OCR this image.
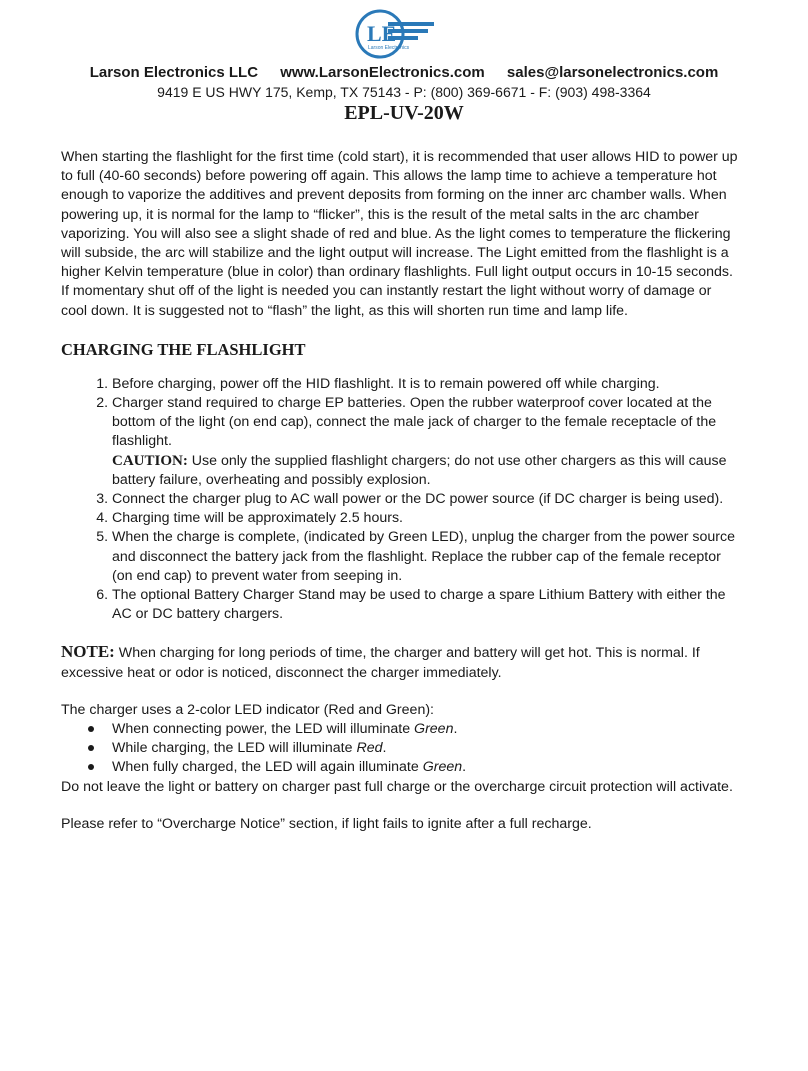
LE
Larson Electronics
Larson Electronics LLC www.LarsonElectronics.com sales@larsonelectronics.com
9419 E US HWY 175, Kemp, TX 75143 - P: (800) 369-6671 - F: (903) 498-3364
EPL-UV-20W

When starting the flashlight for the first time (cold start), it is recommended that user allows HID to power up to full (40-60 seconds) before powering off again. This allows the lamp time to achieve a temperature hot enough to vaporize the additives and prevent deposits from forming on the inner arc chamber walls. When powering up, it is normal for the lamp to “flicker”, this is the result of the metal salts in the arc chamber vaporizing. You will also see a slight shade of red and blue. As the light comes to temperature the flickering will subside, the arc will stabilize and the light output will increase. The Light emitted from the flashlight is a higher Kelvin temperature (blue in color) than ordinary flashlights. Full light output occurs in 10-15 seconds. If momentary shut off of the light is needed you can instantly restart the light without worry of damage or cool down. It is suggested not to “flash” the light, as this will shorten run time and lamp life.

CHARGING THE FLASHLIGHT
1. Before charging, power off the HID flashlight. It is to remain powered off while charging.
2. Charger stand required to charge EP batteries. Open the rubber waterproof cover located at the bottom of the light (on end cap), connect the male jack of charger to the female receptacle of the flashlight.
CAUTION: Use only the supplied flashlight chargers; do not use other chargers as this will cause battery failure, overheating and possibly explosion.
3. Connect the charger plug to AC wall power or the DC power source (if DC charger is being used).
4. Charging time will be approximately 2.5 hours.
5. When the charge is complete, (indicated by Green LED), unplug the charger from the power source and disconnect the battery jack from the flashlight. Replace the rubber cap of the female receptor (on end cap) to prevent water from seeping in.
6. The optional Battery Charger Stand may be used to charge a spare Lithium Battery with either the AC or DC battery chargers.

NOTE: When charging for long periods of time, the charger and battery will get hot. This is normal. If excessive heat or odor is noticed, disconnect the charger immediately.

The charger uses a 2-color LED indicator (Red and Green):

When connecting power, the LED will illuminate Green.
While charging, the LED will illuminate Red.
When fully charged, the LED will again illuminate Green.

Do not leave the light or battery on charger past full charge or the overcharge circuit protection will activate.

Please refer to “Overcharge Notice” section, if light fails to ignite after a full recharge.
